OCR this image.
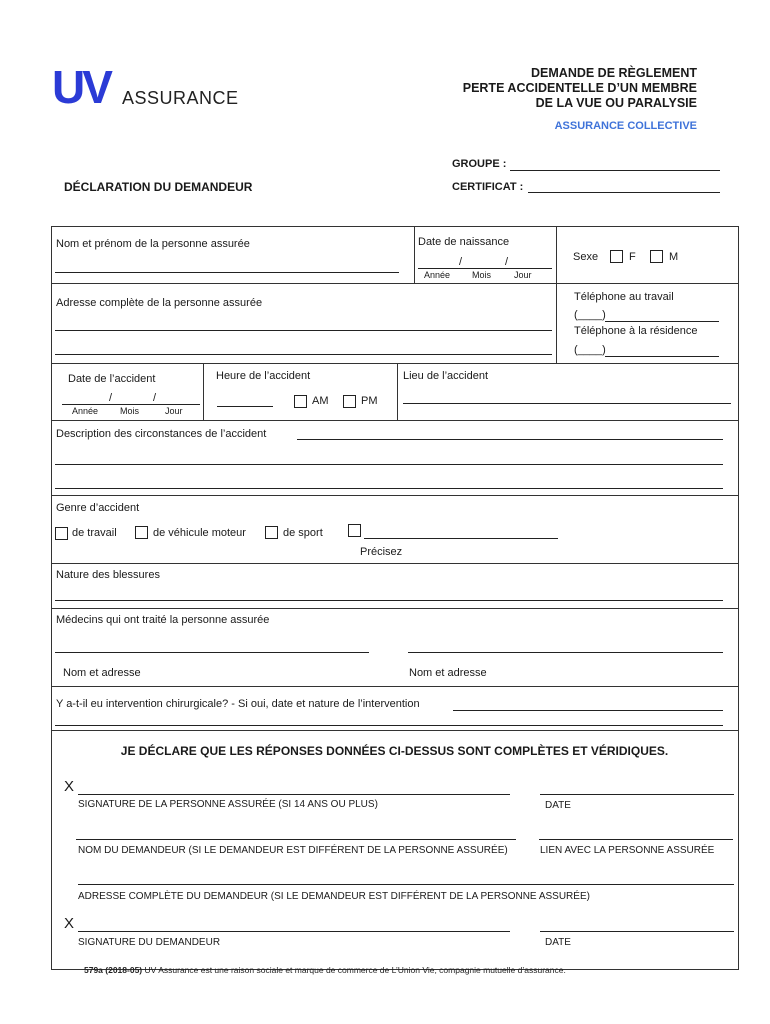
UV ASSURANCE
DEMANDE DE RÈGLEMENT
PERTE ACCIDENTELLE D’UN MEMBRE
DE LA VUE OU PARALYSIE
ASSURANCE COLLECTIVE
GROUPE :
CERTIFICAT :
DÉCLARATION DU DEMANDEUR
Nom et prénom de la personne assurée	Date de naissance
/	/
Année Mois	Jour
Sexe	F	M
Adresse complète de la personne assurée	Téléphone au travail
(____)
Téléphone à la résidence
(____)
Date de l’accident
/	/
Année Mois	Jour
Heure de l’accident
AM	PM
Lieu de l’accident
Description des circonstances de l’accident
Genre d’accident
de travail	de véhicule moteur	de sport
Précisez
Nature des blessures
Médecins qui ont traité la personne assurée
Nom et adresse	Nom et adresse
Y a-t-il eu intervention chirurgicale? - Si oui, date et nature de l’intervention
JE DÉCLARE QUE LES RÉPONSES DONNÉES CI-DESSUS SONT COMPLÈTES ET VÉRIDIQUES.
X
SIGNATURE DE LA PERSONNE ASSURÉE (SI 14 ANS OU PLUS)	DATE
NOM DU DEMANDEUR (SI LE DEMANDEUR EST DIFFÉRENT DE LA PERSONNE ASSURÉE)	LIEN AVEC LA PERSONNE ASSURÉE
ADRESSE COMPLÈTE DU DEMANDEUR (SI LE DEMANDEUR EST DIFFÉRENT DE LA PERSONNE ASSURÉE)
X
SIGNATURE DU DEMANDEUR	DATE
579a (2018-05) UV Assurance est une raison sociale et marque de commerce de L’Union Vie, compagnie mutuelle d’assurance.
